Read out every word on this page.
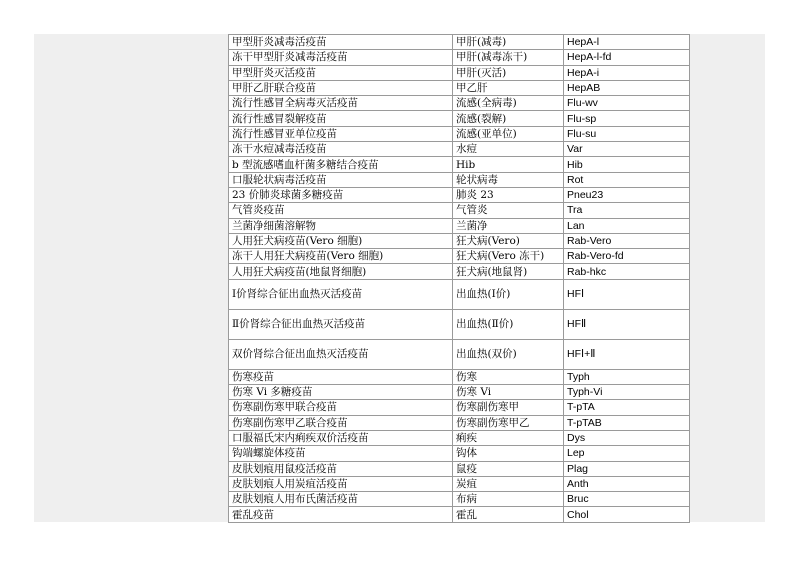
甲型肝炎减毒活疫苗	甲肝(减毒)	HepA-l
冻干甲型肝炎减毒活疫苗	甲肝(减毒冻干)	HepA-l-fd
甲型肝炎灭活疫苗	甲肝(灭活)	HepA-i
甲肝乙肝联合疫苗	甲乙肝	HepAB
流行性感冒全病毒灭活疫苗	流感(全病毒)	Flu-wv
流行性感冒裂解疫苗	流感(裂解)	Flu-sp
流行性感冒亚单位疫苗	流感(亚单位)	Flu-su
冻干水痘减毒活疫苗	水痘	Var
b 型流感嗜血杆菌多糖结合疫苗	Hib	Hib
口服轮状病毒活疫苗	轮状病毒	Rot
23 价肺炎球菌多糖疫苗	肺炎 23	Pneu23
气管炎疫苗	气管炎	Tra
兰菌净细菌溶解物	兰菌净	Lan
人用狂犬病疫苗(Vero 细胞)	狂犬病(Vero)	Rab-Vero
冻干人用狂犬病疫苗(Vero 细胞)	狂犬病(Vero 冻干)	Rab-Vero-fd
人用狂犬病疫苗(地鼠肾细胞)	狂犬病(地鼠肾)	Rab-hkc
Ⅰ价肾综合征出血热灭活疫苗	出血热(Ⅰ价)	HFⅠ
Ⅱ价肾综合征出血热灭活疫苗	出血热(Ⅱ价)	HFⅡ
双价肾综合征出血热灭活疫苗	出血热(双价)	HFⅠ+Ⅱ
伤寒疫苗	伤寒	Typh
伤寒 Vi 多糖疫苗	伤寒 Vi	Typh-Vi
伤寒副伤寒甲联合疫苗	伤寒副伤寒甲	T-pTA
伤寒副伤寒甲乙联合疫苗	伤寒副伤寒甲乙	T-pTAB
口服福氏宋内痢疾双价活疫苗	痢疾	Dys
钩端螺旋体疫苗	钩体	Lep
皮肤划痕用鼠疫活疫苗	鼠疫	Plag
皮肤划痕人用炭疽活疫苗	炭疽	Anth
皮肤划痕人用布氏菌活疫苗	布病	Bruc
霍乱疫苗	霍乱	Chol
